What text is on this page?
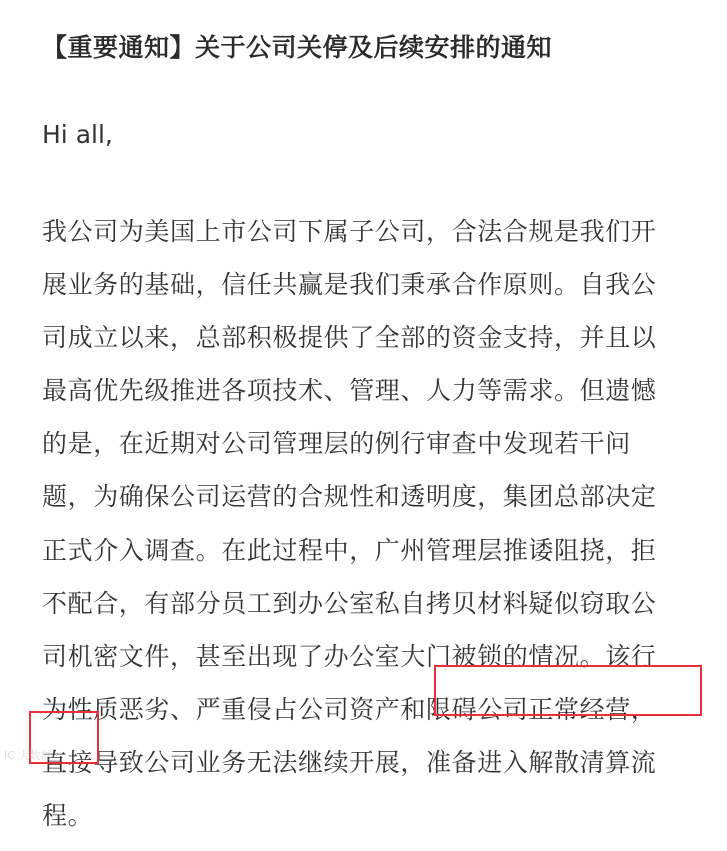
【重要通知】关于公司关停及后续安排的通知
Hi all,
我公司为美国上市公司下属子公司，合法合规是我们开
展业务的基础，信任共赢是我们秉承合作原则。自我公
司成立以来，总部积极提供了全部的资金支持，并且以
最高优先级推进各项技术、管理、人力等需求。但遗憾
的是，在近期对公司管理层的例行审查中发现若干问
题，为确保公司运营的合规性和透明度，集团总部决定
正式介入调查。在此过程中，广州管理层推诿阻挠，拒
不配合，有部分员工到办公室私自拷贝材料疑似窃取公
司机密文件，甚至出现了办公室大门被锁的情况。该行
为性质恶劣、严重侵占公司资产和限碍公司正常经营，
直接导致公司业务无法继续开展，准备进入解散清算流
程。
IC 大数据
